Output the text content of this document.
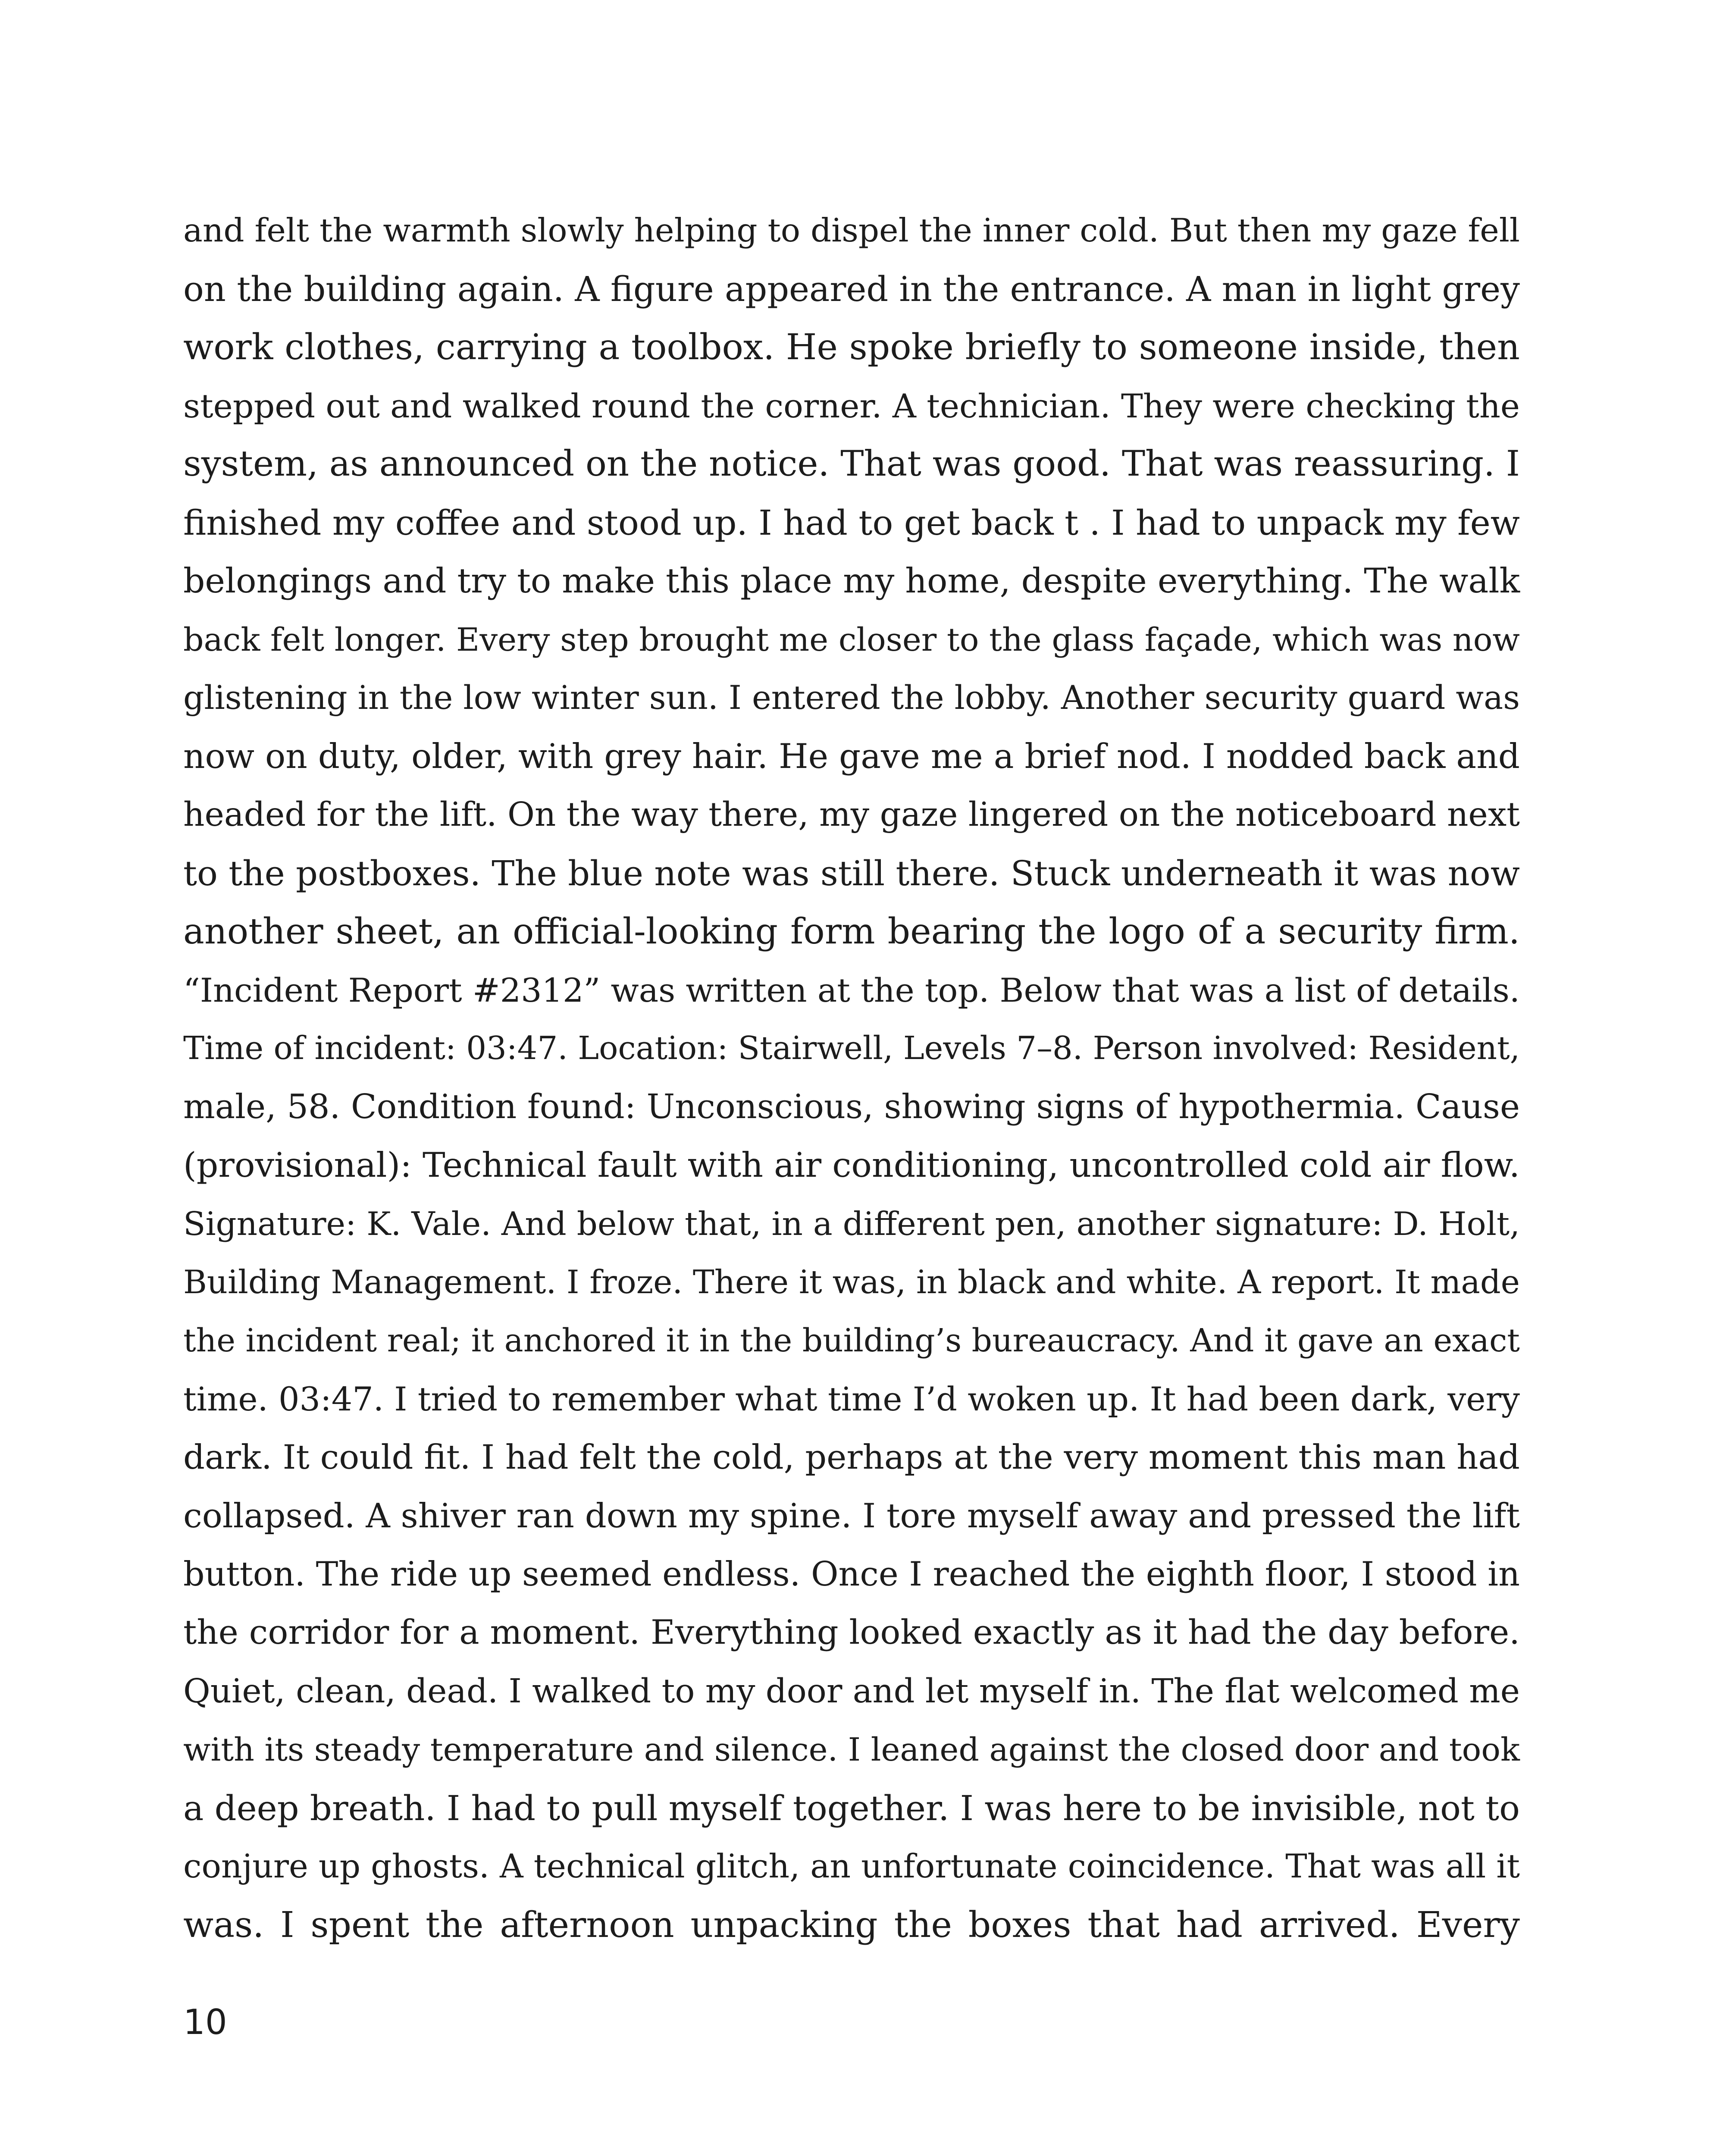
and felt the warmth slowly helping to dispel the inner cold. But then my gaze fell
on the building again. A figure appeared in the entrance. A man in light grey
work clothes, carrying a toolbox. He spoke briefly to someone inside, then
stepped out and walked round the corner. A technician. They were checking the
system, as announced on the notice. That was good. That was reassuring. I
finished my coffee and stood up. I had to get back t . I had to unpack my few
belongings and try to make this place my home, despite everything. The walk
back felt longer. Every step brought me closer to the glass façade, which was now
glistening in the low winter sun. I entered the lobby. Another security guard was
now on duty, older, with grey hair. He gave me a brief nod. I nodded back and
headed for the lift. On the way there, my gaze lingered on the noticeboard next
to the postboxes. The blue note was still there. Stuck underneath it was now
another sheet, an official-looking form bearing the logo of a security firm.
“Incident Report #2312” was written at the top. Below that was a list of details.
Time of incident: 03:47. Location: Stairwell, Levels 7–8. Person involved: Resident,
male, 58. Condition found: Unconscious, showing signs of hypothermia. Cause
(provisional): Technical fault with air conditioning, uncontrolled cold air flow.
Signature: K. Vale. And below that, in a different pen, another signature: D. Holt,
Building Management. I froze. There it was, in black and white. A report. It made
the incident real; it anchored it in the building’s bureaucracy. And it gave an exact
time. 03:47. I tried to remember what time I’d woken up. It had been dark, very
dark. It could fit. I had felt the cold, perhaps at the very moment this man had
collapsed. A shiver ran down my spine. I tore myself away and pressed the lift
button. The ride up seemed endless. Once I reached the eighth floor, I stood in
the corridor for a moment. Everything looked exactly as it had the day before.
Quiet, clean, dead. I walked to my door and let myself in. The flat welcomed me
with its steady temperature and silence. I leaned against the closed door and took
a deep breath. I had to pull myself together. I was here to be invisible, not to
conjure up ghosts. A technical glitch, an unfortunate coincidence. That was all it
was. I spent the afternoon unpacking the boxes that had arrived. Every

10
